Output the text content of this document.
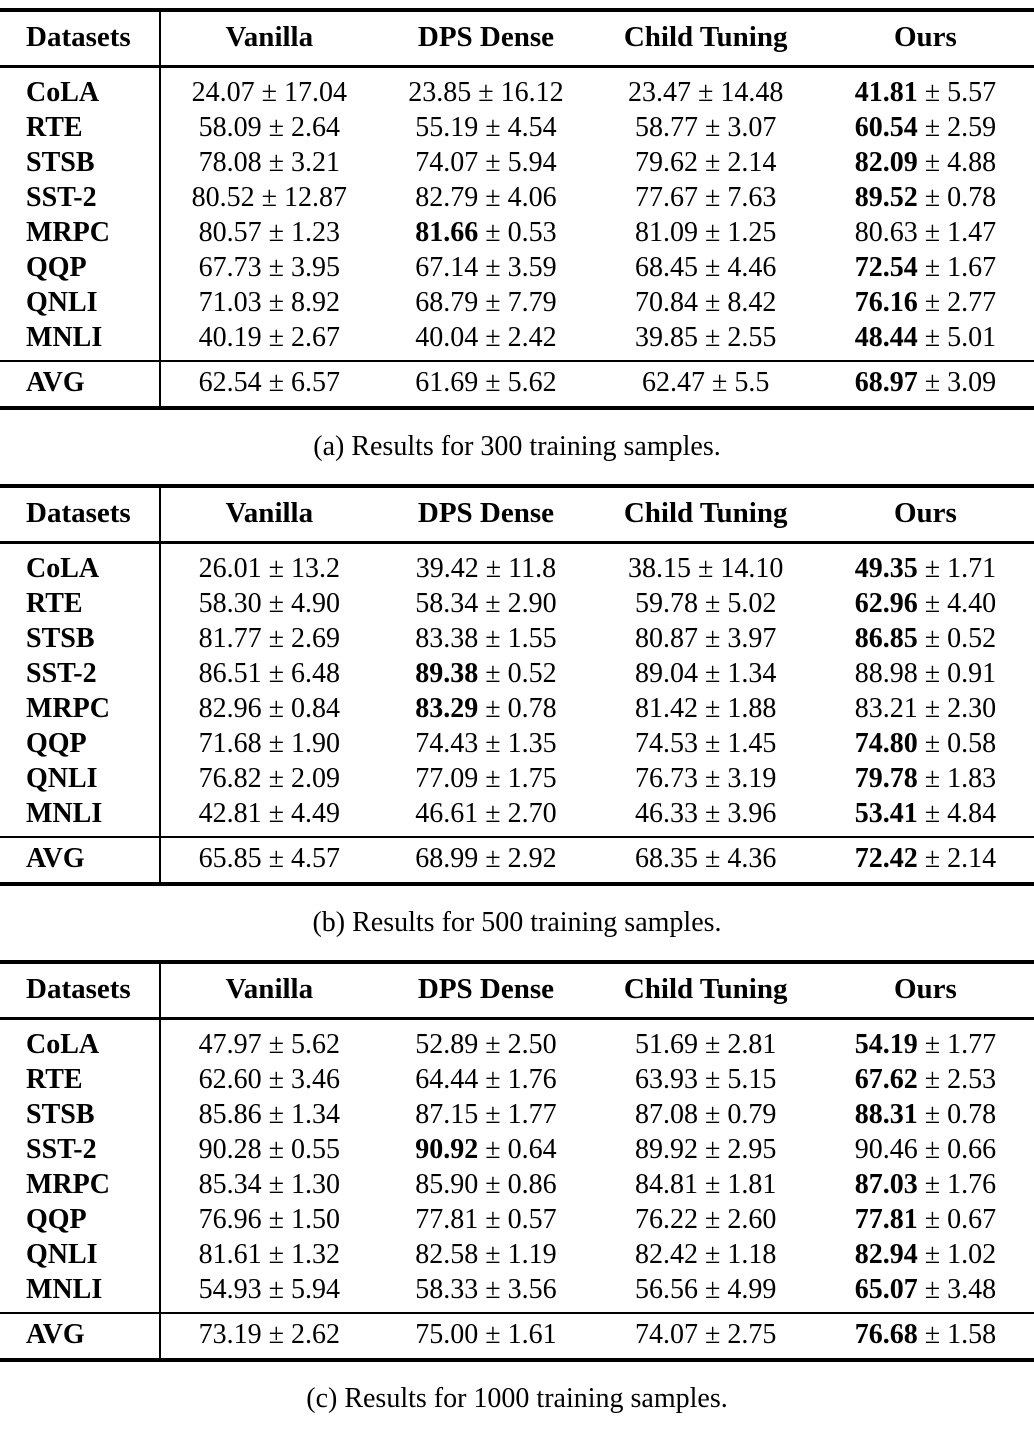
Datasets	Vanilla	DPS Dense	Child Tuning	Ours
CoLA	24.07 ± 17.04	23.85 ± 16.12	23.47 ± 14.48	41.81 ± 5.57
RTE	58.09 ± 2.64	55.19 ± 4.54	58.77 ± 3.07	60.54 ± 2.59
STSB	78.08 ± 3.21	74.07 ± 5.94	79.62 ± 2.14	82.09 ± 4.88
SST-2	80.52 ± 12.87	82.79 ± 4.06	77.67 ± 7.63	89.52 ± 0.78
MRPC	80.57 ± 1.23	81.66 ± 0.53	81.09 ± 1.25	80.63 ± 1.47
QQP	67.73 ± 3.95	67.14 ± 3.59	68.45 ± 4.46	72.54 ± 1.67
QNLI	71.03 ± 8.92	68.79 ± 7.79	70.84 ± 8.42	76.16 ± 2.77
MNLI	40.19 ± 2.67	40.04 ± 2.42	39.85 ± 2.55	48.44 ± 5.01
AVG	62.54 ± 6.57	61.69 ± 5.62	62.47 ± 5.5	68.97 ± 3.09
(a) Results for 300 training samples.
Datasets	Vanilla	DPS Dense	Child Tuning	Ours
CoLA	26.01 ± 13.2	39.42 ± 11.8	38.15 ± 14.10	49.35 ± 1.71
RTE	58.30 ± 4.90	58.34 ± 2.90	59.78 ± 5.02	62.96 ± 4.40
STSB	81.77 ± 2.69	83.38 ± 1.55	80.87 ± 3.97	86.85 ± 0.52
SST-2	86.51 ± 6.48	89.38 ± 0.52	89.04 ± 1.34	88.98 ± 0.91
MRPC	82.96 ± 0.84	83.29 ± 0.78	81.42 ± 1.88	83.21 ± 2.30
QQP	71.68 ± 1.90	74.43 ± 1.35	74.53 ± 1.45	74.80 ± 0.58
QNLI	76.82 ± 2.09	77.09 ± 1.75	76.73 ± 3.19	79.78 ± 1.83
MNLI	42.81 ± 4.49	46.61 ± 2.70	46.33 ± 3.96	53.41 ± 4.84
AVG	65.85 ± 4.57	68.99 ± 2.92	68.35 ± 4.36	72.42 ± 2.14
(b) Results for 500 training samples.
Datasets	Vanilla	DPS Dense	Child Tuning	Ours
CoLA	47.97 ± 5.62	52.89 ± 2.50	51.69 ± 2.81	54.19 ± 1.77
RTE	62.60 ± 3.46	64.44 ± 1.76	63.93 ± 5.15	67.62 ± 2.53
STSB	85.86 ± 1.34	87.15 ± 1.77	87.08 ± 0.79	88.31 ± 0.78
SST-2	90.28 ± 0.55	90.92 ± 0.64	89.92 ± 2.95	90.46 ± 0.66
MRPC	85.34 ± 1.30	85.90 ± 0.86	84.81 ± 1.81	87.03 ± 1.76
QQP	76.96 ± 1.50	77.81 ± 0.57	76.22 ± 2.60	77.81 ± 0.67
QNLI	81.61 ± 1.32	82.58 ± 1.19	82.42 ± 1.18	82.94 ± 1.02
MNLI	54.93 ± 5.94	58.33 ± 3.56	56.56 ± 4.99	65.07 ± 3.48
AVG	73.19 ± 2.62	75.00 ± 1.61	74.07 ± 2.75	76.68 ± 1.58
(c) Results for 1000 training samples.
